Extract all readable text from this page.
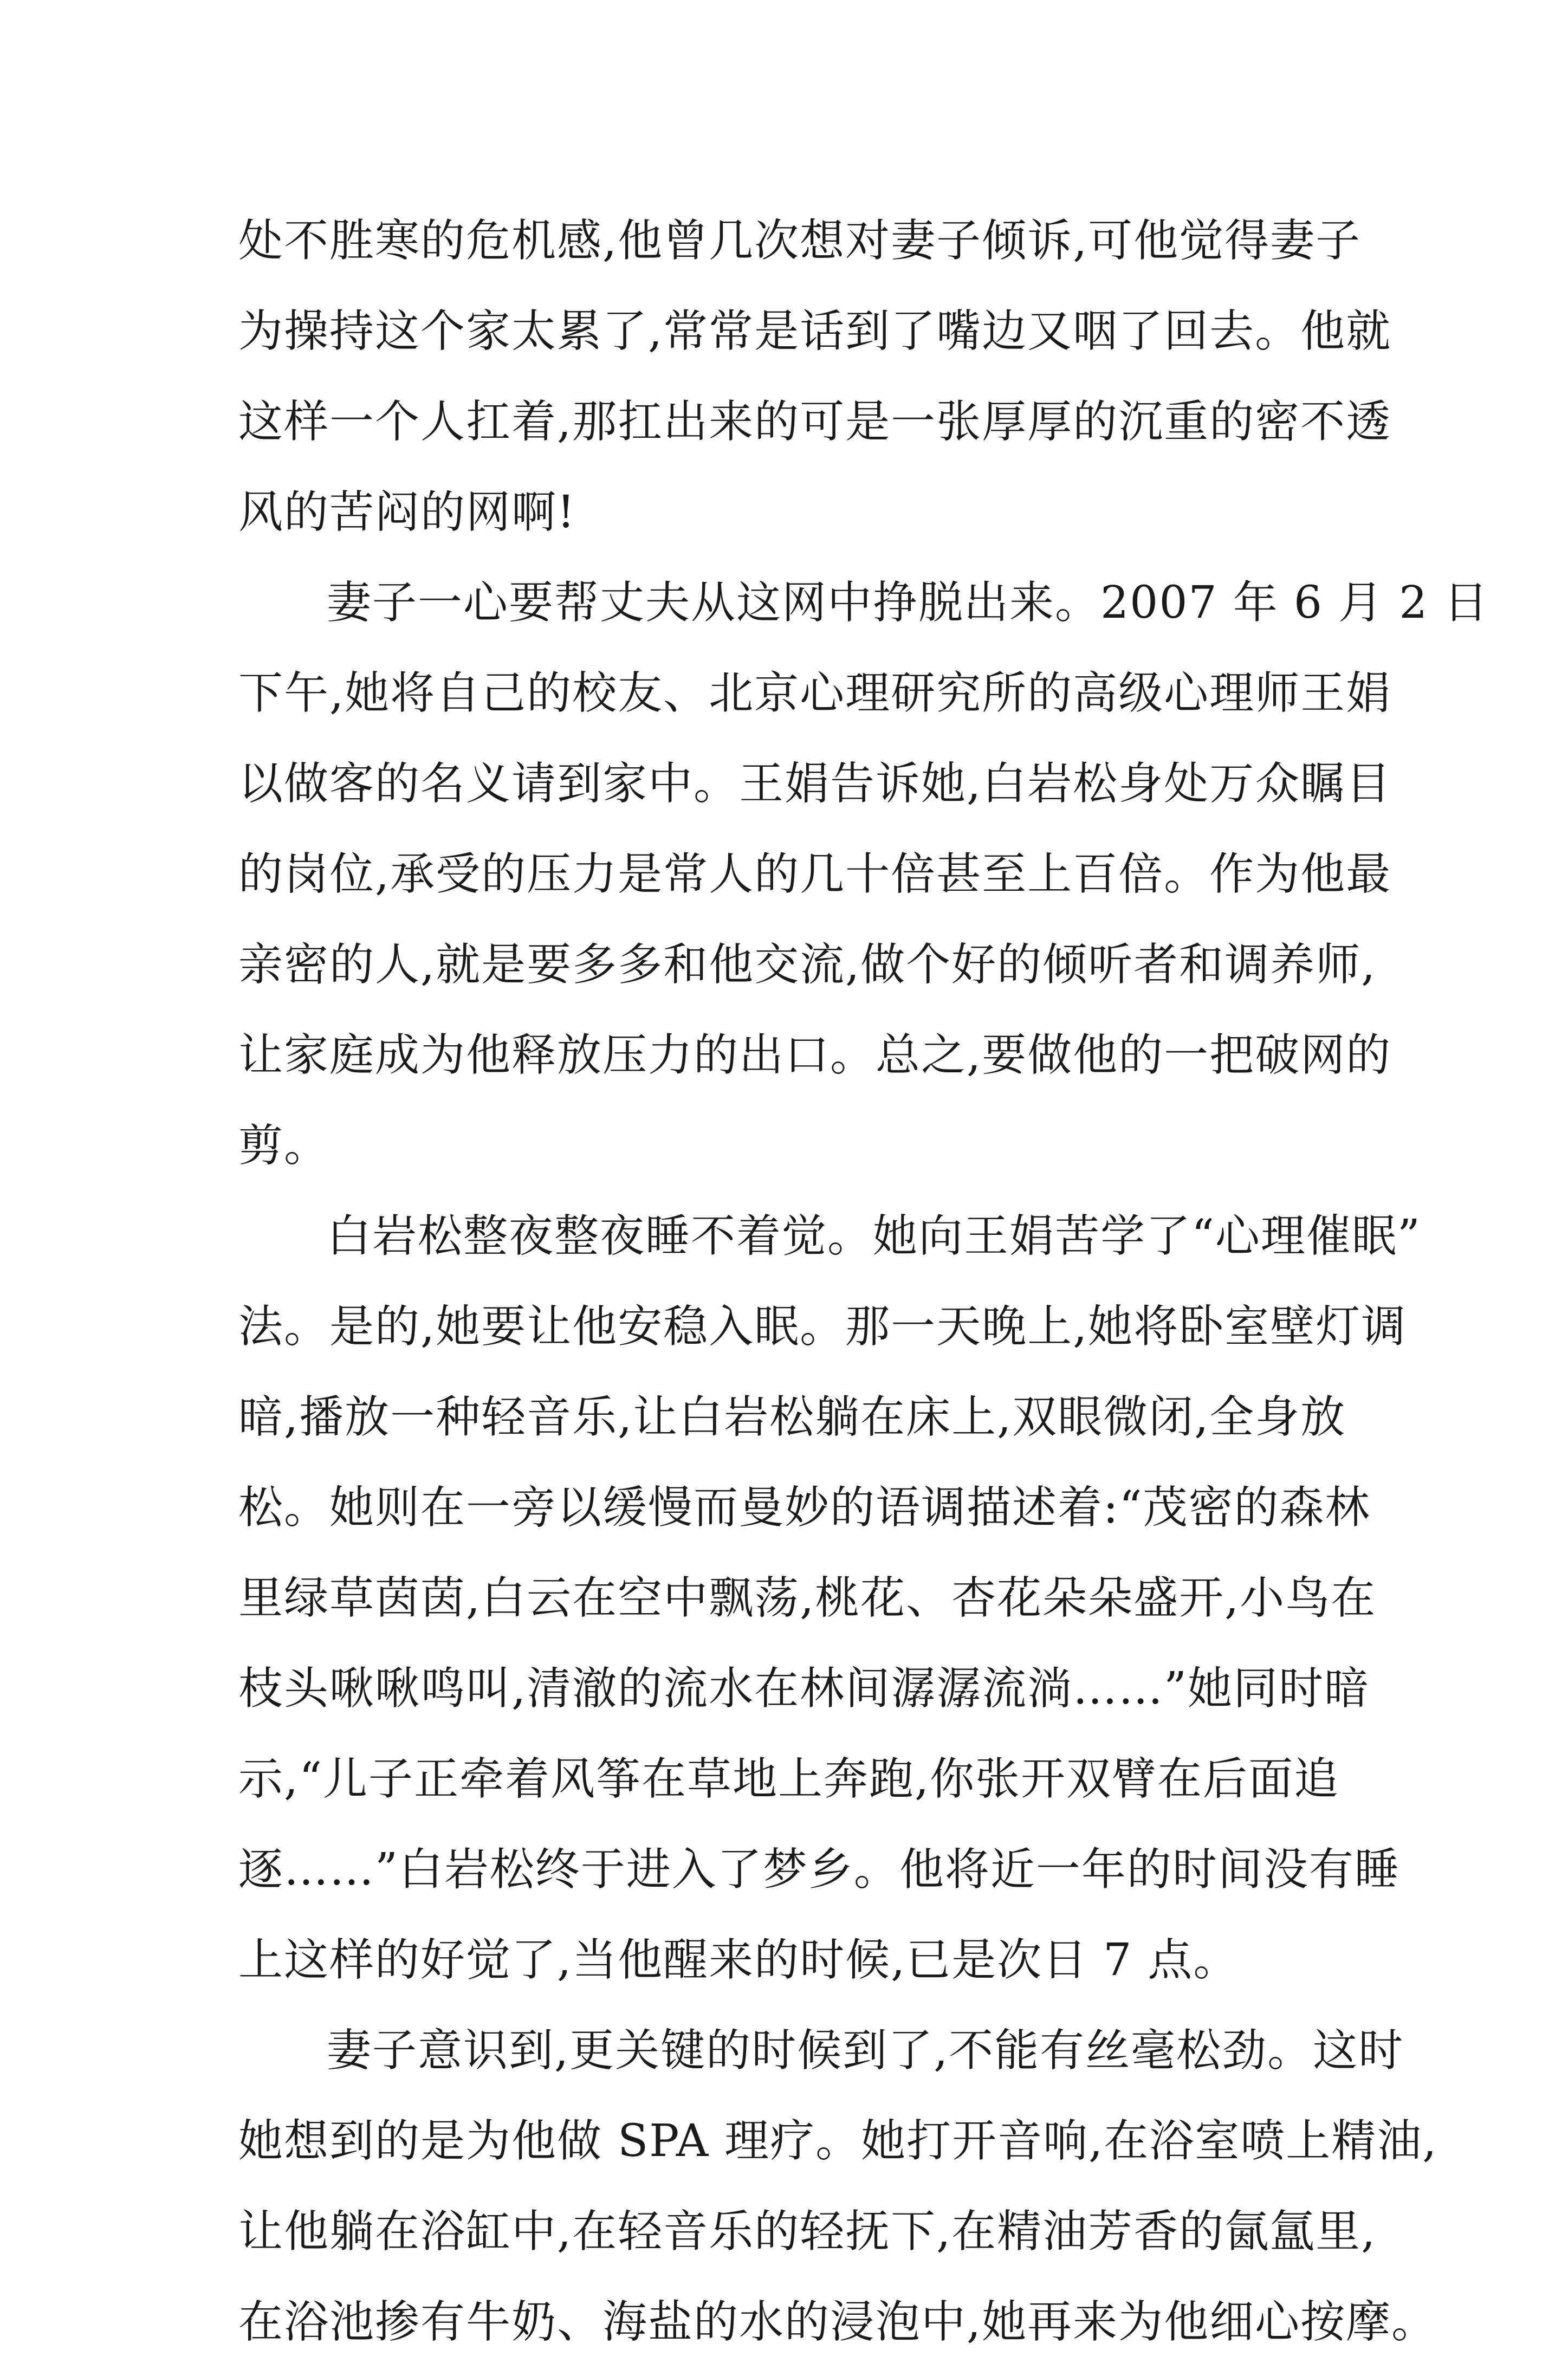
处不胜寒的危机感,他曾几次想对妻子倾诉,可他觉得妻子
为操持这个家太累了,常常是话到了嘴边又咽了回去。他就
这样一个人扛着,那扛出来的可是一张厚厚的沉重的密不透
风的苦闷的网啊!
妻子一心要帮丈夫从这网中挣脱出来。2007 年 6 月 2 日
下午,她将自己的校友、北京心理研究所的高级心理师王娟
以做客的名义请到家中。王娟告诉她,白岩松身处万众瞩目
的岗位,承受的压力是常人的几十倍甚至上百倍。作为他最
亲密的人,就是要多多和他交流,做个好的倾听者和调养师,
让家庭成为他释放压力的出口。总之,要做他的一把破网的
剪。
白岩松整夜整夜睡不着觉。她向王娟苦学了“心理催眠”
法。是的,她要让他安稳入眠。那一天晚上,她将卧室壁灯调
暗,播放一种轻音乐,让白岩松躺在床上,双眼微闭,全身放
松。她则在一旁以缓慢而曼妙的语调描述着:“茂密的森林
里绿草茵茵,白云在空中飘荡,桃花、杏花朵朵盛开,小鸟在
枝头啾啾鸣叫,清澈的流水在林间潺潺流淌……”她同时暗
示,“儿子正牵着风筝在草地上奔跑,你张开双臂在后面追
逐……”白岩松终于进入了梦乡。他将近一年的时间没有睡
上这样的好觉了,当他醒来的时候,已是次日 7 点。
妻子意识到,更关键的时候到了,不能有丝毫松劲。这时
她想到的是为他做 SPA 理疗。她打开音响,在浴室喷上精油,
让他躺在浴缸中,在轻音乐的轻抚下,在精油芳香的氤氲里,
在浴池掺有牛奶、海盐的水的浸泡中,她再来为他细心按摩。
